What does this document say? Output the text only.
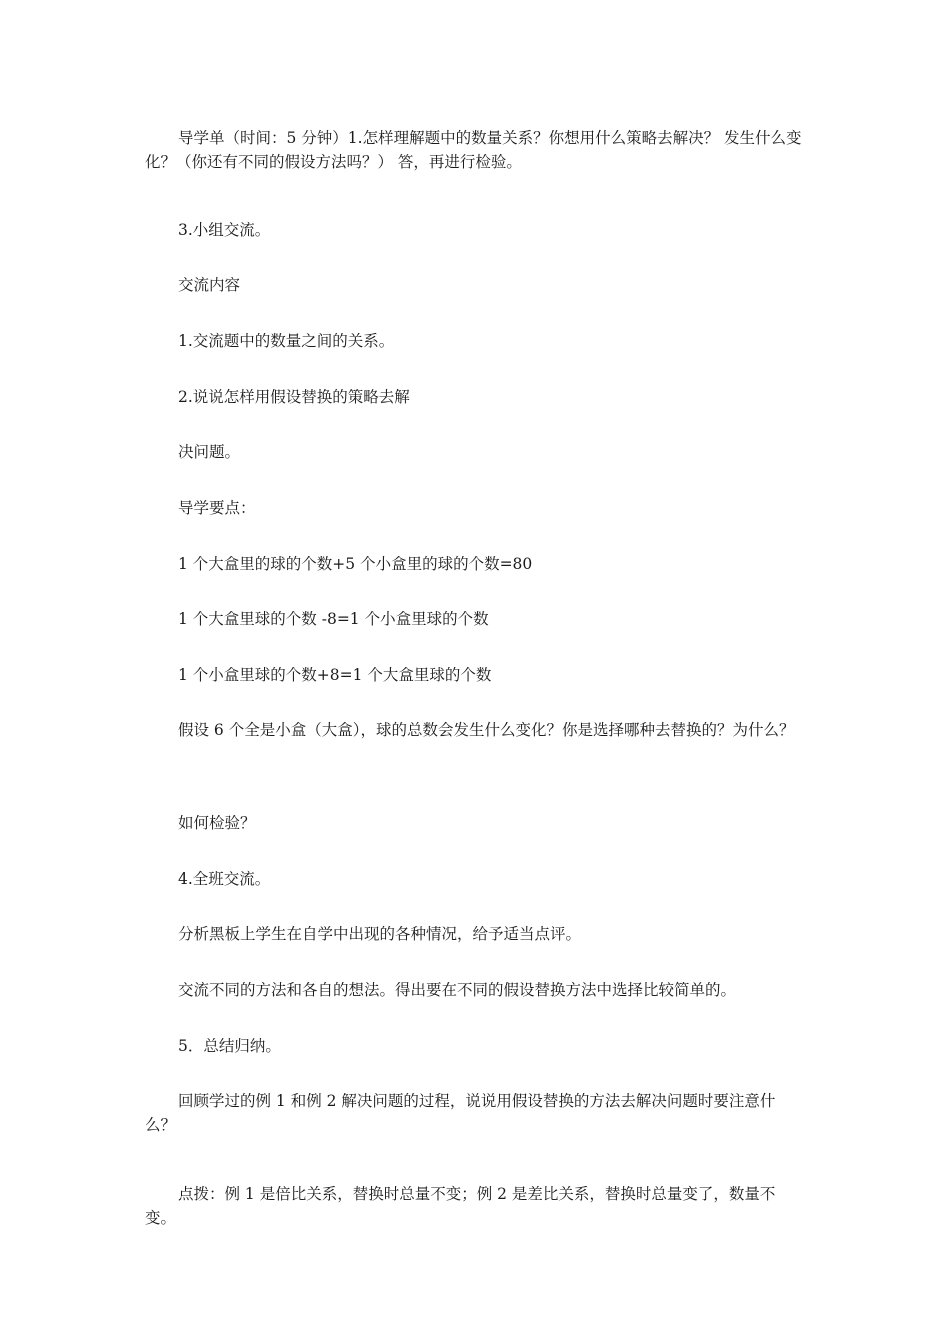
导学单（时间：5 分钟）1.怎样理解题中的数量关系？你想用什么策略去解决？ 发生什么变化？（你还有不同的假设方法吗？） 答，再进行检验。

3.小组交流。

交流内容

1.交流题中的数量之间的关系。

2.说说怎样用假设替换的策略去解

决问题。

导学要点：

1 个大盒里的球的个数+5 个小盒里的球的个数=80

1 个大盒里球的个数 -8=1 个小盒里球的个数

1 个小盒里球的个数+8=1 个大盒里球的个数

假设 6 个全是小盒（大盒），球的总数会发生什么变化？你是选择哪种去替换的？为什么？

如何检验？

4.全班交流。

分析黑板上学生在自学中出现的各种情况，给予适当点评。

交流不同的方法和各自的想法。得出要在不同的假设替换方法中选择比较简单的。

5．总结归纳。

回顾学过的例 1 和例 2 解决问题的过程，说说用假设替换的方法去解决问题时要注意什么？

点拨：例 1 是倍比关系，替换时总量不变；例 2 是差比关系，替换时总量变了，数量不变。
